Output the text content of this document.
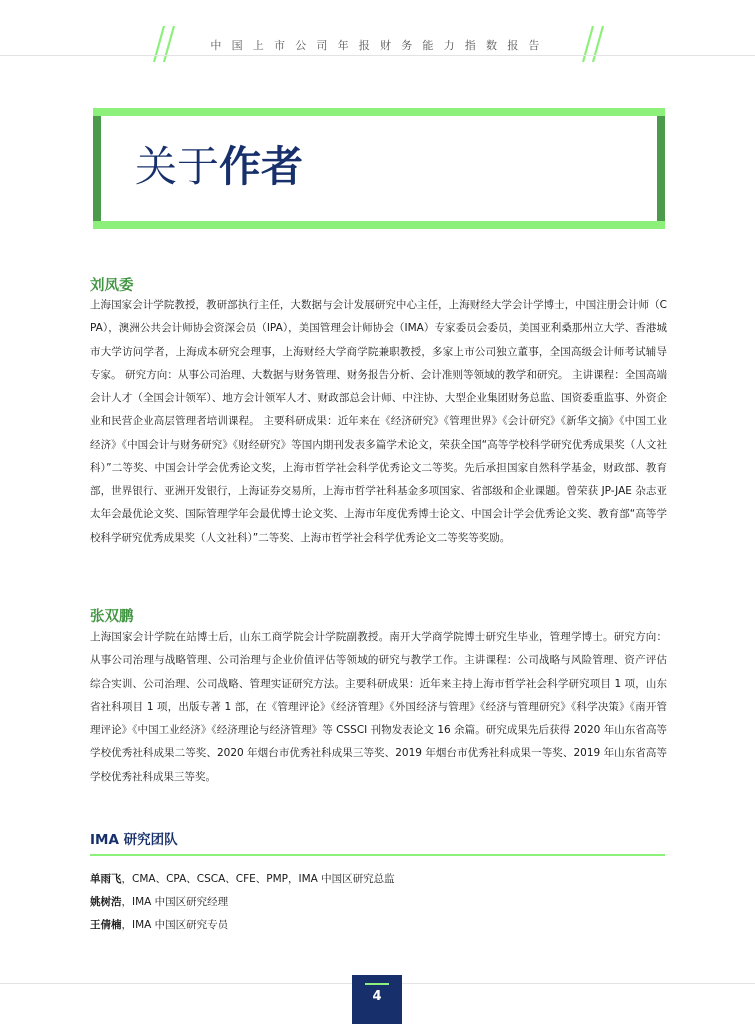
中国上市公司年报财务能力指数报告
关于作者
刘凤委

上海国家会计学院教授，教研部执行主任，大数据与会计发展研究中心主任，上海财经大学会计学博士，中国注册会计师（CPA），澳洲公共会计师协会资深会员（IPA），美国管理会计师协会（IMA）专家委员会委员，美国亚利桑那州立大学、香港城市大学访问学者，上海成本研究会理事，上海财经大学商学院兼职教授，多家上市公司独立董事，全国高级会计师考试辅导专家。 研究方向：从事公司治理、大数据与财务管理、财务报告分析、会计准则等领域的教学和研究。 主讲课程：全国高端会计人才（全国会计领军）、地方会计领军人才、财政部总会计师、中注协、大型企业集团财务总监、国资委重监事、外资企业和民营企业高层管理者培训课程。 主要科研成果：近年来在《经济研究》《管理世界》《会计研究》《新华文摘》《中国工业经济》《中国会计与财务研究》《财经研究》等国内期刊发表多篇学术论文，荣获全国“高等学校科学研究优秀成果奖（人文社科）”二等奖、中国会计学会优秀论文奖，上海市哲学社会科学优秀论文二等奖。先后承担国家自然科学基金，财政部、教育部，世界银行、亚洲开发银行，上海证券交易所，上海市哲学社科基金多项国家、省部级和企业课题。曾荣获 JP-JAE 杂志亚太年会最优论文奖、国际管理学年会最优博士论文奖、上海市年度优秀博士论文、中国会计学会优秀论文奖、教育部“高等学校科学研究优秀成果奖（人文社科）”二等奖、上海市哲学社会科学优秀论文二等奖等奖励。

张双鹏

上海国家会计学院在站博士后，山东工商学院会计学院副教授。南开大学商学院博士研究生毕业，管理学博士。研究方向：从事公司治理与战略管理、公司治理与企业价值评估等领域的研究与教学工作。主讲课程：公司战略与风险管理、资产评估综合实训、公司治理、公司战略、管理实证研究方法。主要科研成果：近年来主持上海市哲学社会科学研究项目 1 项，山东省社科项目 1 项，出版专著 1 部，在《管理评论》《经济管理》《外国经济与管理》《经济与管理研究》《科学决策》《南开管理评论》《中国工业经济》《经济理论与经济管理》等 CSSCI 刊物发表论文 16 余篇。研究成果先后获得 2020 年山东省高等学校优秀社科成果二等奖、2020 年烟台市优秀社科成果三等奖、2019 年烟台市优秀社科成果一等奖、2019 年山东省高等学校优秀社科成果三等奖。

IMA 研究团队
单雨飞，CMA、CPA、CSCA、CFE、PMP，IMA 中国区研究总监
姚树浩，IMA 中国区研究经理
王倩楠，IMA 中国区研究专员
4
